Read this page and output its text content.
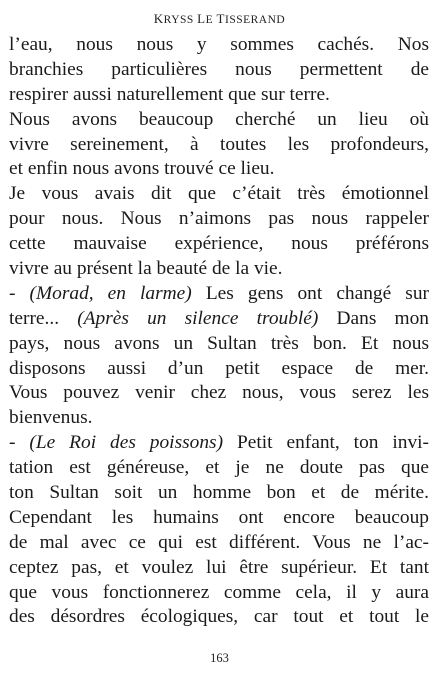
KRYSS LE TISSERAND
l’eau, nous nous y sommes cachés. Nos
branchies particulières nous permettent de
respirer aussi naturellement que sur terre.
Nous avons beaucoup cherché un lieu où
vivre sereinement, à toutes les profondeurs,
et enfin nous avons trouvé ce lieu.
Je vous avais dit que c’était très émotionnel
pour nous. Nous n’aimons pas nous rappeler
cette mauvaise expérience, nous préférons
vivre au présent la beauté de la vie.
- (Morad, en larme) Les gens ont changé sur
terre... (Après un silence troublé) Dans mon
pays, nous avons un Sultan très bon. Et nous
disposons aussi d’un petit espace de mer.
Vous pouvez venir chez nous, vous serez les
bienvenus.
- (Le Roi des poissons) Petit enfant, ton invi-
tation est généreuse, et je ne doute pas que
ton Sultan soit un homme bon et de mérite.
Cependant les humains ont encore beaucoup
de mal avec ce qui est différent. Vous ne l’ac-
ceptez pas, et voulez lui être supérieur. Et tant
que vous fonctionnerez comme cela, il y aura
des désordres écologiques, car tout et tout le
163
